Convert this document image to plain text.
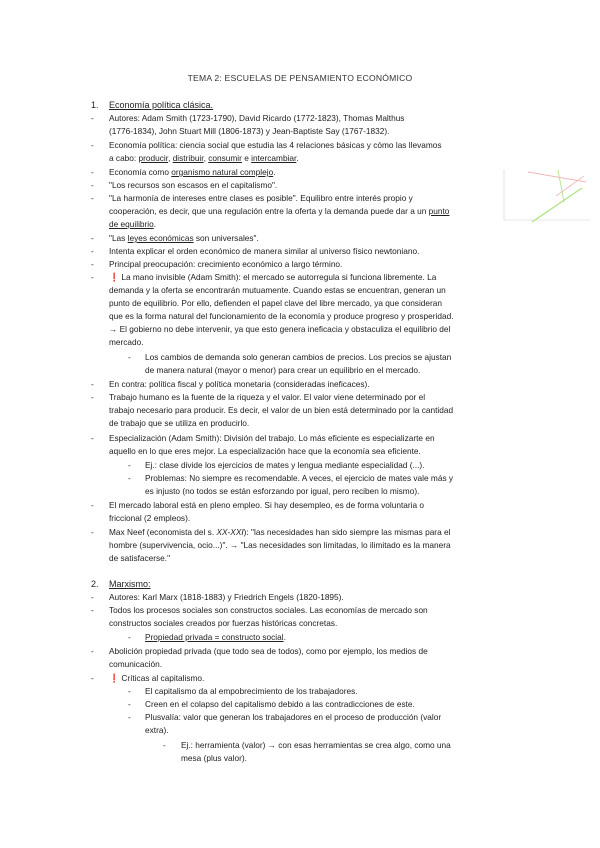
TEMA 2: ESCUELAS DE PENSAMIENTO ECONÓMICO
1. Economía política clásica.
- Autores: Adam Smith (1723-1790), David Ricardo (1772-1823), Thomas Malthus
(1776-1834), John Stuart Mill (1806-1873) y Jean-Baptiste Say (1767-1832).
- Economía política: ciencia social que estudia las 4 relaciones básicas y cómo las llevamos
a cabo: producir, distribuir, consumir e intercambiar.
- Economía como organismo natural complejo.
- "Los recursos son escasos en el capitalismo".
- "La harmonía de intereses entre clases es posible". Equilibro entre interés propio y
cooperación, es decir, que una regulación entre la oferta y la demanda puede dar a un punto
de equilibrio.
- "Las leyes económicas son universales".
- Intenta explicar el orden económico de manera similar al universo físico newtoniano.
- Principal preocupación: crecimiento económico a largo término.
- ❗ La mano invisible (Adam Smith): el mercado se autorregula si funciona libremente. La
demanda y la oferta se encontrarán mutuamente. Cuando estas se encuentran, generan un
punto de equilibrio. Por ello, defienden el papel clave del libre mercado, ya que consideran
que es la forma natural del funcionamiento de la economía y produce progreso y prosperidad.
→ El gobierno no debe intervenir, ya que esto genera ineficacia y obstaculiza el equilibrio del
mercado.
- Los cambios de demanda solo generan cambios de precios. Los precios se ajustan
de manera natural (mayor o menor) para crear un equilibrio en el mercado.
- En contra: política fiscal y política monetaria (consideradas ineficaces).
- Trabajo humano es la fuente de la riqueza y el valor. El valor viene determinado por el
trabajo necesario para producir. Es decir, el valor de un bien está determinado por la cantidad
de trabajo que se utiliza en producirlo.
- Especialización (Adam Smith): División del trabajo. Lo más eficiente es especializarte en
aquello en lo que eres mejor. La especialización hace que la economía sea eficiente.
- Ej.: clase divide los ejercicios de mates y lengua mediante especialidad (...).
- Problemas: No siempre es recomendable. A veces, el ejercicio de mates vale más y
es injusto (no todos se están esforzando por igual, pero reciben lo mismo).
- El mercado laboral está en pleno empleo. Si hay desempleo, es de forma voluntaria o
friccional (2 empleos).
- Max Neef (economista del s. XX-XXI): "las necesidades han sido siempre las mismas para el
hombre (supervivencia, ocio...)". → "Las necesidades son limitadas, lo ilimitado es la manera
de satisfacerse."
2. Marxismo:
- Autores: Karl Marx (1818-1883) y Friedrich Engels (1820-1895).
- Todos los procesos sociales son constructos sociales. Las economías de mercado son
constructos sociales creados por fuerzas históricas concretas.
- Propiedad privada = constructo social.
- Abolición propiedad privada (que todo sea de todos), como por ejemplo, los medios de
comunicación.
- ❗ Críticas al capitalismo.
- El capitalismo da al empobrecimiento de los trabajadores.
- Creen en el colapso del capitalismo debido a las contradicciones de este.
- Plusvalía: valor que generan los trabajadores en el proceso de producción (valor
extra).
- Ej.: herramienta (valor) → con esas herramientas se crea algo, como una
mesa (plus valor).
